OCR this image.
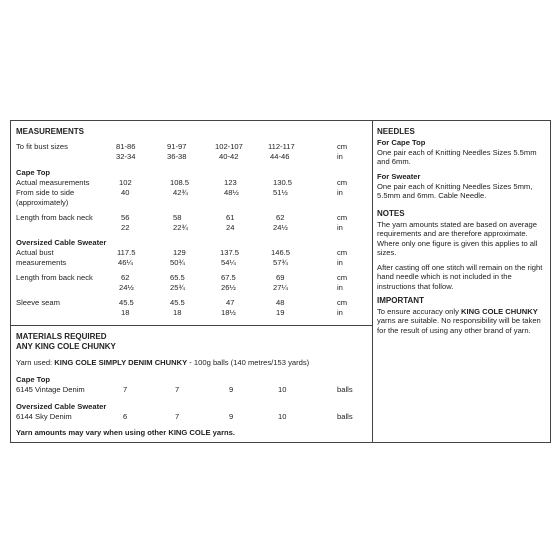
MEASUREMENTS
To fit bust sizes	81-86	91-97	102-107	112-117	cm
32-34	36-38	40-42	44-46	in
Cape Top
Actual measurements	102	108.5	123	130.5	cm
From side to side	40	42¾	48½	51½	in
(approximately)
Length from back neck	56	58	61	62	cm
22	22¾	24	24½	in
Oversized Cable Sweater
Actual bust	117.5	129	137.5	146.5	cm
measurements	46¼	50¾	54¼	57¾	in
Length from back neck	62	65.5	67.5	69	cm
24½	25¾	26½	27¼	in
Sleeve seam	45.5	45.5	47	48	cm
18	18	18½	19	in
MATERIALS REQUIRED
ANY KING COLE CHUNKY
Yarn used: KING COLE SIMPLY DENIM CHUNKY - 100g balls (140 metres/153 yards)
Cape Top
6145 Vintage Denim	7	7	9	10	balls
Oversized Cable Sweater
6144 Sky Denim	6	7	9	10	balls
Yarn amounts may vary when using other KING COLE yarns.
NEEDLES
For Cape Top
One pair each of Knitting Needles Sizes 5.5mm and 6mm.
For Sweater
One pair each of Knitting Needles Sizes 5mm, 5.5mm and 6mm. Cable Needle.
NOTES
The yarn amounts stated are based on average requirements and are therefore approximate. Where only one figure is given this applies to all sizes.
After casting off one stitch will remain on the right hand needle which is not included in the instructions that follow.
IMPORTANT
To ensure accuracy only KING COLE CHUNKY yarns are suitable. No responsibility will be taken for the result of using any other brand of yarn.
